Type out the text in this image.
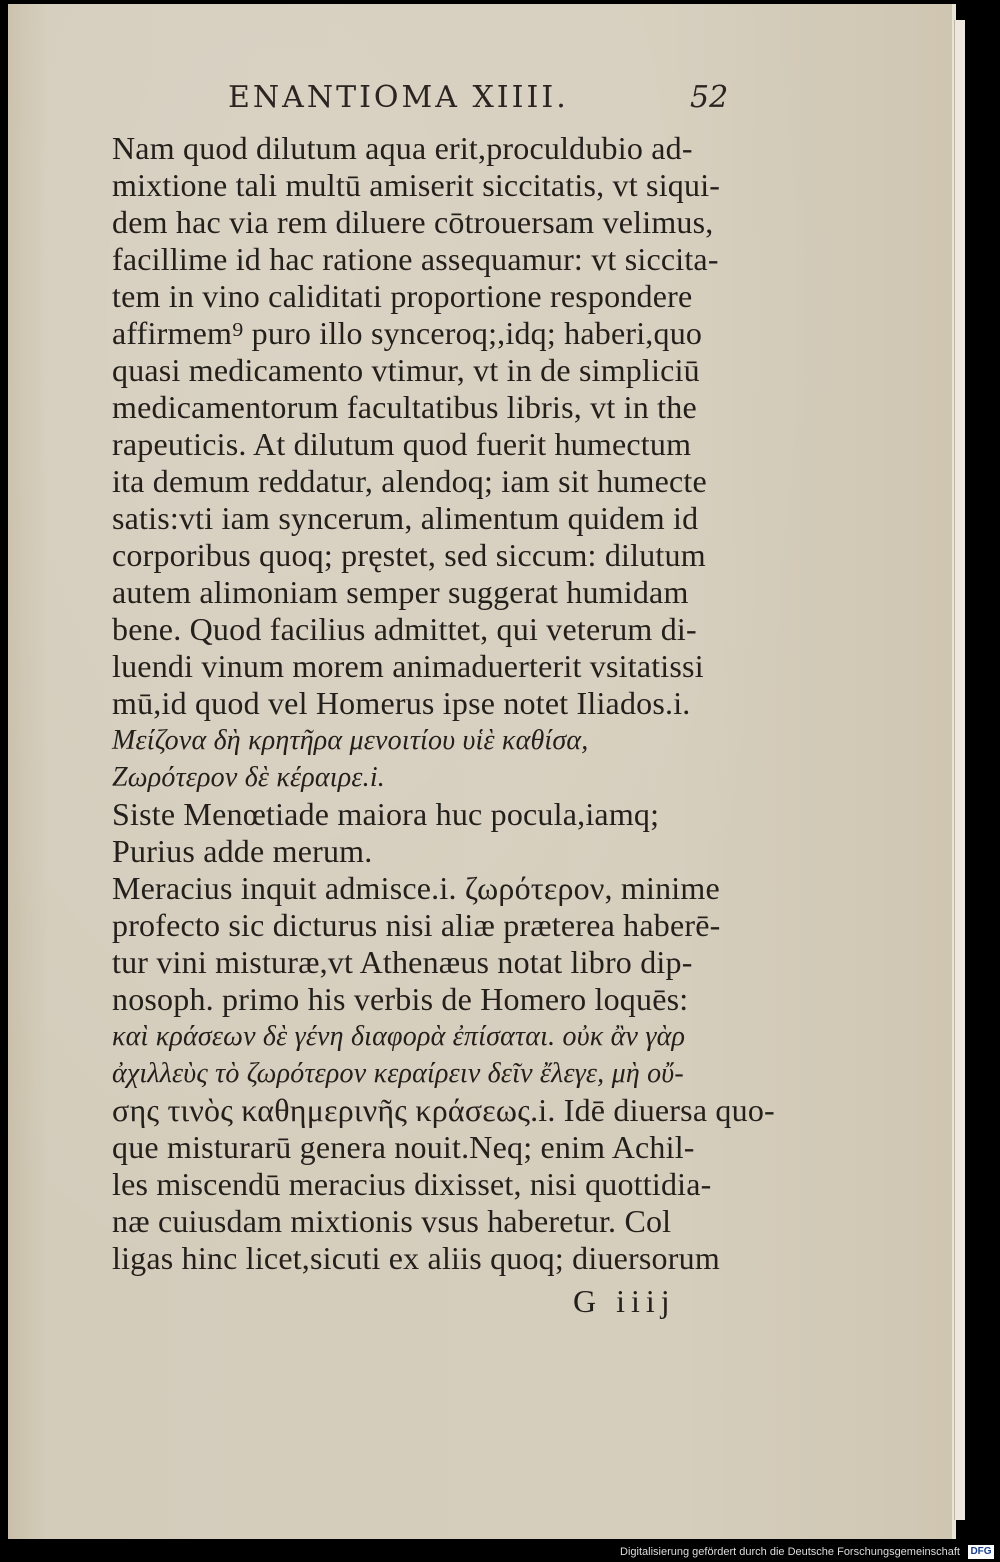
ENANTIOMA XIIII.	52
Nam quod dilutum aqua erit,proculdubio ad-
mixtione tali multū amiserit siccitatis, vt siqui-
dem hac via rem diluere cōtrouersam velimus,
facillime id hac ratione assequamur: vt siccita-
tem in vino caliditati proportione respondere
affirmem⁹ puro illo synceroq;,idq; haberi,quo
quasi medicamento vtimur, vt in de simpliciū
medicamentorum facultatibus libris, vt in the
rapeuticis. At dilutum quod fuerit humectum
ita demum reddatur, alendoq; iam sit humecte
satis:vti iam syncerum, alimentum quidem id
corporibus quoq; pręstet, sed siccum: dilutum
autem alimoniam semper suggerat humidam
bene. Quod facilius admittet, qui veterum di-
luendi vinum morem animaduerterit vsitatissi
mū,id quod vel Homerus ipse notet Iliados.i.
Μείζονα δὴ κρητῆρα μενοιτίου υἱὲ καθίσα,
Ζωρότερον δὲ κέραιρε.i.
Siste Menœtiade maiora huc pocula,iamq;
Purius adde merum.
Meracius inquit admisce.i. ζωρότερον, minime
profecto sic dicturus nisi aliæ præterea haberē-
tur vini misturæ,vt Athenæus notat libro dip-
nosoph. primo his verbis de Homero loquēs:
καὶ κράσεων δὲ γένη διαφορὰ ἐπίσαται. οὐκ ἂν γὰρ
ἀχιλλεὺς τὸ ζωρότερον κεραίρειν δεῖν ἔλεγε, μὴ οὔ-
σης τινὸς καθημερινῆς κράσεως.i. Idē diuersa quo-
que misturarū genera nouit.Neq; enim Achil-
les miscendū meracius dixisset, nisi quottidia-
næ cuiusdam mixtionis vsus haberetur. Col
ligas hinc licet,sicuti ex aliis quoq; diuersorum
G iiij
Digitalisierung gefördert durch die Deutsche Forschungsgemeinschaft DFG
